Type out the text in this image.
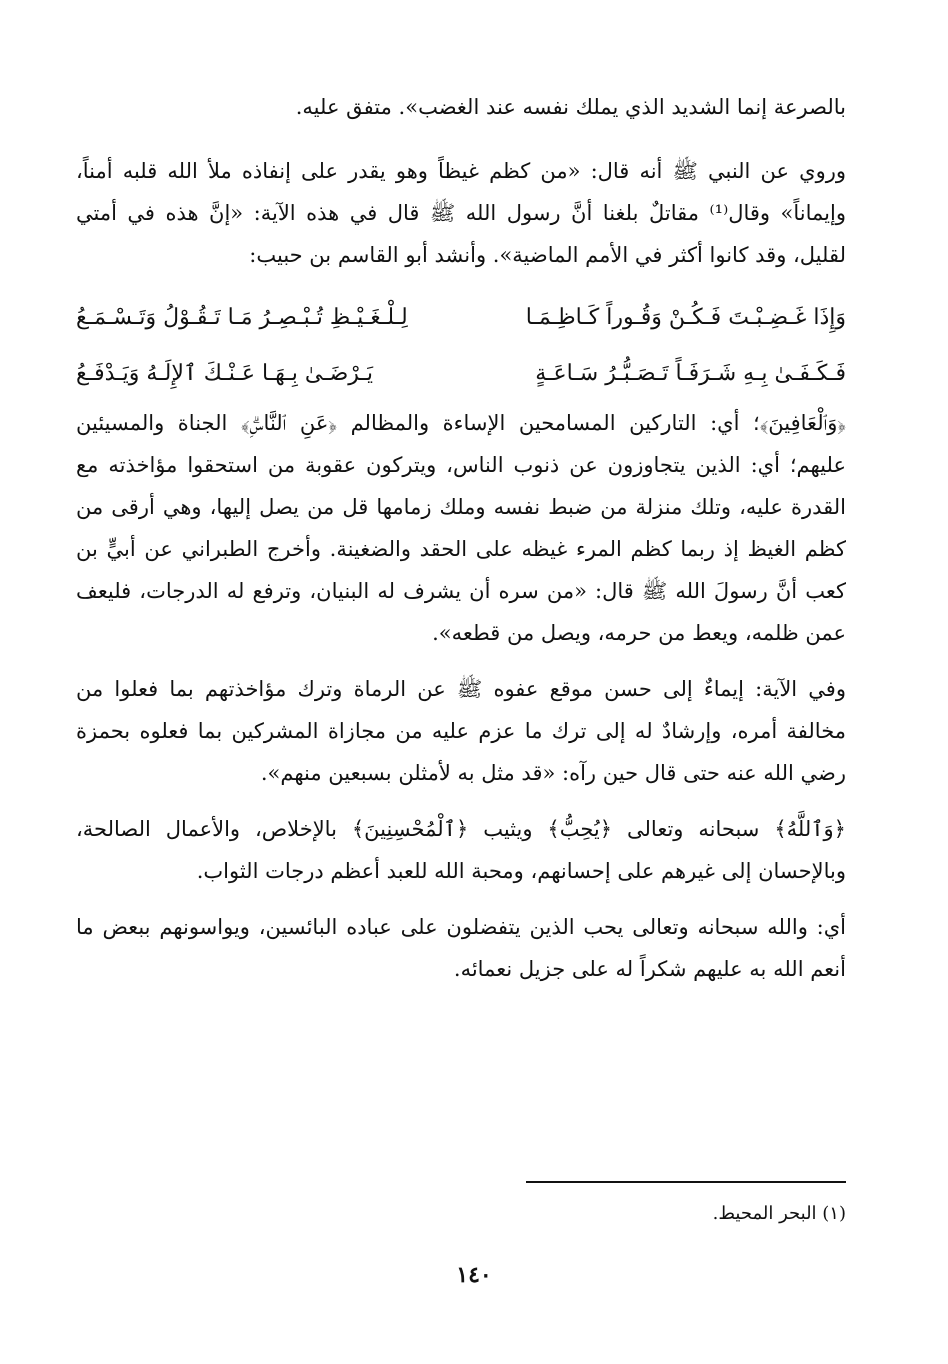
بالصرعة إنما الشديد الذي يملك نفسه عند الغضب». متفق عليه.

وروي عن النبي ﷺ أنه قال: «من كظم غيظاً وهو يقدر على إنفاذه ملأ الله قلبه أمناً، وإيماناً» وقال⁽¹⁾ مقاتلٌ بلغنا أنَّ رسول الله ﷺ قال في هذه الآية: «إنَّ هذه في أمتي لقليل، وقد كانوا أكثر في الأمم الماضية». وأنشد أبو القاسم بن حبيب:

وَإِذَا غَـضِـبْـتَ فَـكُـنْ وَقُـوراً كَـاظِـمَـا
لِـلْـغَـيْـظِ تُـبْـصِـرُ مَـا تَـقُـوْلُ وَتَـسْـمَـعُ
فَـكَـفَـىٰ بِـهِ شَـرَفَـاً تَـصَـبُّـرُ سَـاعَـةٍ
يَـرْضَـىٰ بِـهَـا عَـنْـكَ ٱلإِلَـهُ وَيَـدْفَـعُ

﴿وَٱلْعَافِينَ﴾؛ أي: التاركين المسامحين الإساءة والمظالم ﴿عَنِ ٱلنَّاسِۗ﴾ الجناة والمسيئين عليهم؛ أي: الذين يتجاوزون عن ذنوب الناس، ويتركون عقوبة من استحقوا مؤاخذته مع القدرة عليه، وتلك منزلة من ضبط نفسه وملك زمامها قل من يصل إليها، وهي أرقى من كظم الغيظ إذ ربما كظم المرء غيظه على الحقد والضغينة. وأخرج الطبراني عن أبيٍّ بن كعب أنَّ رسولَ الله ﷺ قال: «من سره أن يشرف له البنيان، وترفع له الدرجات، فليعف عمن ظلمه، ويعط من حرمه، ويصل من قطعه».

وفي الآية: إيماءٌ إلى حسن موقع عفوه ﷺ عن الرماة وترك مؤاخذتهم بما فعلوا من مخالفة أمره، وإرشادٌ له إلى ترك ما عزم عليه من مجازاة المشركين بما فعلوه بحمزة رضي الله عنه حتى قال حين رآه: «قد مثل به لأمثلن بسبعين منهم».

﴿وَٱللَّهُ﴾ سبحانه وتعالى ﴿يُحِبُّ﴾ ويثيب ﴿ٱلْمُحْسِنِينَ﴾ بالإخلاص، والأعمال الصالحة، وبالإحسان إلى غيرهم على إحسانهم، ومحبة الله للعبد أعظم درجات الثواب.

أي: والله سبحانه وتعالى يحب الذين يتفضلون على عباده البائسين، ويواسونهم ببعض ما أنعم الله به عليهم شكراً له على جزيل نعمائه.

(١) البحر المحيط.
١٤٠
